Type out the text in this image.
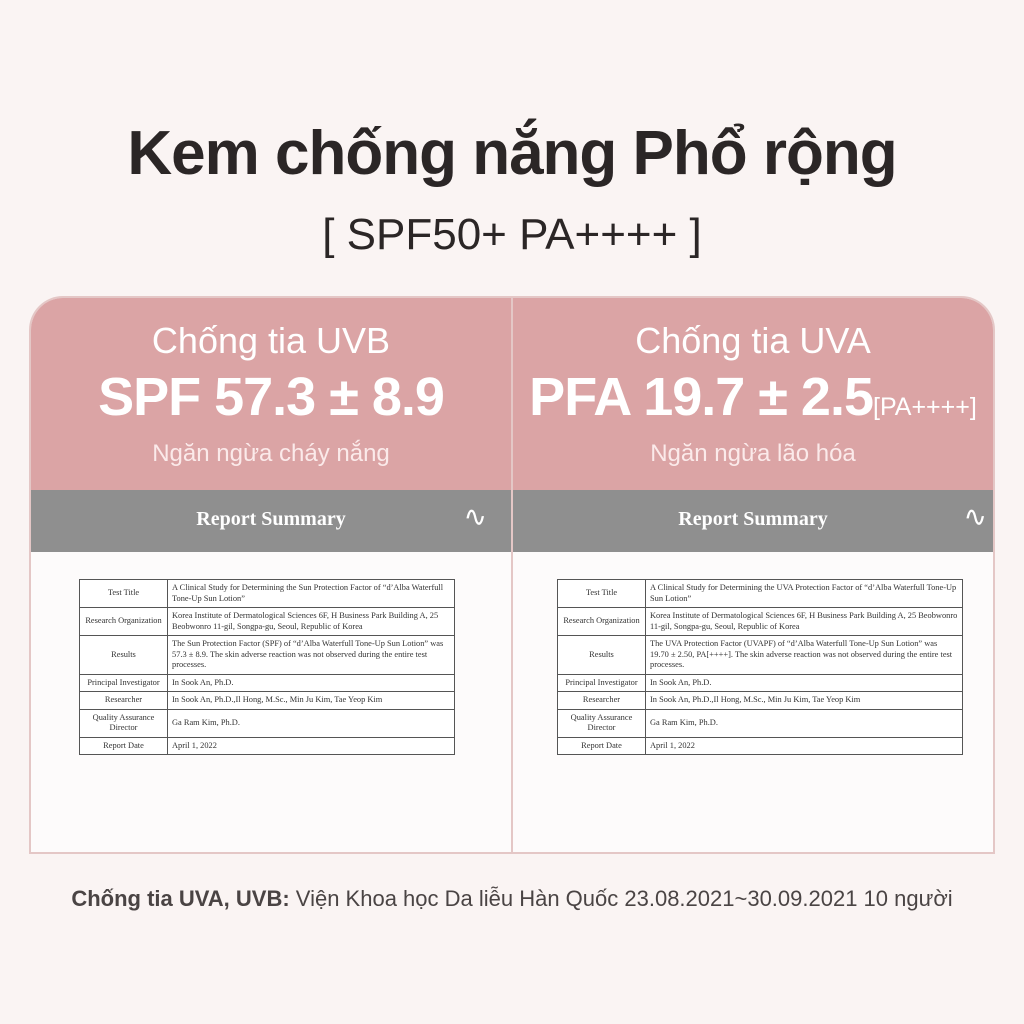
Kem chống nắng Phổ rộng
[ SPF50+ PA++++ ]
Chống tia UVB
SPF 57.3 ± 8.9
Ngăn ngừa cháy nắng
Report Summary	∿
Chống tia UVA
PFA 19.7 ± 2.5[PA++++]
Ngăn ngừa lão hóa
Report Summary	∿
Test Title	A Clinical Study for Determining the Sun Protection Factor of “d’Alba Waterfull Tone-Up Sun Lotion”
Research Organization	Korea Institute of Dermatological Sciences 6F, H Business Park Building A, 25 Beobwonro 11-gil, Songpa-gu, Seoul, Republic of Korea
Results	The Sun Protection Factor (SPF) of “d’Alba Waterfull Tone-Up Sun Lotion” was 57.3 ± 8.9. The skin adverse reaction was not observed during the entire test processes.
Principal Investigator	In Sook An, Ph.D.
Researcher	In Sook An, Ph.D.,Il Hong, M.Sc., Min Ju Kim, Tae Yeop Kim
Quality Assurance Director	Ga Ram Kim, Ph.D.
Report Date	April 1, 2022
Test Title	A Clinical Study for Determining the UVA Protection Factor of “d’Alba Waterfull Tone-Up Sun Lotion”
Research Organization	Korea Institute of Dermatological Sciences 6F, H Business Park Building A, 25 Beobwonro 11-gil, Songpa-gu, Seoul, Republic of Korea
Results	The UVA Protection Factor (UVAPF) of “d’Alba Waterfull Tone-Up Sun Lotion” was 19.70 ± 2.50, PA[++++]. The skin adverse reaction was not observed during the entire test processes.
Principal Investigator	In Sook An, Ph.D.
Researcher	In Sook An, Ph.D.,Il Hong, M.Sc., Min Ju Kim, Tae Yeop Kim
Quality Assurance Director	Ga Ram Kim, Ph.D.
Report Date	April 1, 2022
Chống tia UVA, UVB: Viện Khoa học Da liễu Hàn Quốc 23.08.2021~30.09.2021 10 người
